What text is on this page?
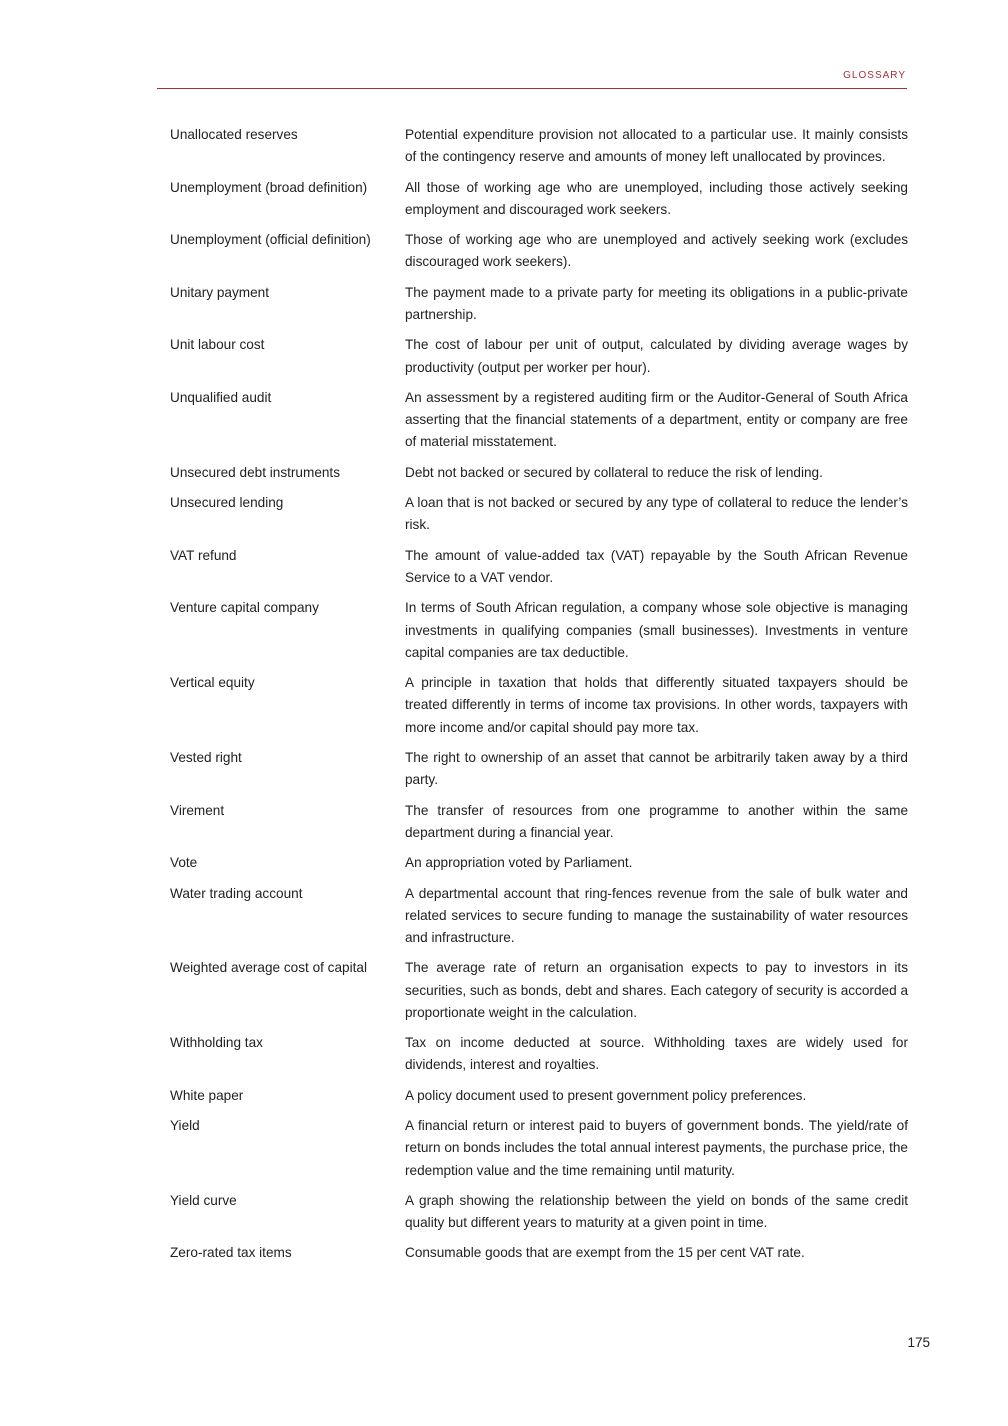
GLOSSARY
Unallocated reserves	Potential expenditure provision not allocated to a particular use. It mainly consists of the contingency reserve and amounts of money left unallocated by provinces.
Unemployment (broad definition)	All those of working age who are unemployed, including those actively seeking employment and discouraged work seekers.
Unemployment (official definition)	Those of working age who are unemployed and actively seeking work (excludes discouraged work seekers).
Unitary payment	The payment made to a private party for meeting its obligations in a public-private partnership.
Unit labour cost	The cost of labour per unit of output, calculated by dividing average wages by productivity (output per worker per hour).
Unqualified audit	An assessment by a registered auditing firm or the Auditor-General of South Africa asserting that the financial statements of a department, entity or company are free of material misstatement.
Unsecured debt instruments	Debt not backed or secured by collateral to reduce the risk of lending.
Unsecured lending	A loan that is not backed or secured by any type of collateral to reduce the lender’s risk.
VAT refund	The amount of value-added tax (VAT) repayable by the South African Revenue Service to a VAT vendor.
Venture capital company	In terms of South African regulation, a company whose sole objective is managing investments in qualifying companies (small businesses). Investments in venture capital companies are tax deductible.
Vertical equity	A principle in taxation that holds that differently situated taxpayers should be treated differently in terms of income tax provisions. In other words, taxpayers with more income and/or capital should pay more tax.
Vested right	The right to ownership of an asset that cannot be arbitrarily taken away by a third party.
Virement	The transfer of resources from one programme to another within the same department during a financial year.
Vote	An appropriation voted by Parliament.
Water trading account	A departmental account that ring-fences revenue from the sale of bulk water and related services to secure funding to manage the sustainability of water resources and infrastructure.
Weighted average cost of capital	The average rate of return an organisation expects to pay to investors in its securities, such as bonds, debt and shares. Each category of security is accorded a proportionate weight in the calculation.
Withholding tax	Tax on income deducted at source. Withholding taxes are widely used for dividends, interest and royalties.
White paper	A policy document used to present government policy preferences.
Yield	A financial return or interest paid to buyers of government bonds. The yield/rate of return on bonds includes the total annual interest payments, the purchase price, the redemption value and the time remaining until maturity.
Yield curve	A graph showing the relationship between the yield on bonds of the same credit quality but different years to maturity at a given point in time.
Zero-rated tax items	Consumable goods that are exempt from the 15 per cent VAT rate.
175
